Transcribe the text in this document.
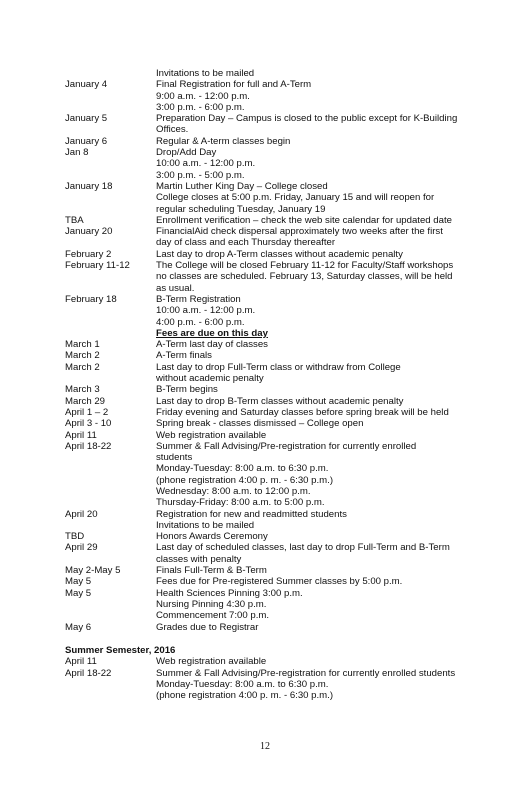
Invitations to be mailed
January 4	Final Registration for full and A-Term
9:00 a.m. - 12:00 p.m.
3:00 p.m. - 6:00 p.m.
January 5	Preparation Day – Campus is closed to the public except for K-Building
Offices.
January 6	Regular & A-term classes begin
Jan 8	Drop/Add Day
10:00 a.m. - 12:00 p.m.
3:00 p.m. - 5:00 p.m.
January 18	Martin Luther King Day – College closed
College closes at 5:00 p.m. Friday, January 15 and will reopen for
regular scheduling Tuesday, January 19
TBA	Enrollment verification – check the web site calendar for updated date
January 20	FinancialAid check dispersal approximately two weeks after the first
day of class and each Thursday thereafter
February 2	Last day to drop A-Term classes without academic penalty
February 11-12	The College will be closed February 11-12 for Faculty/Staff workshops
no classes are scheduled. February 13, Saturday classes, will be held
as usual.
February 18	B-Term Registration
10:00 a.m. - 12:00 p.m.
4:00 p.m. - 6:00 p.m.
Fees are due on this day
March 1	A-Term last day of classes
March 2	A-Term finals
March 2	Last day to drop Full-Term class or withdraw from College
without academic penalty
March 3	B-Term begins
March 29	Last day to drop B-Term classes without academic penalty
April 1 – 2	Friday evening and Saturday classes before spring break will be held
April 3 - 10	Spring break - classes dismissed – College open
April 11	Web registration available
April 18-22	Summer & Fall Advising/Pre-registration for currently enrolled
students
Monday-Tuesday: 8:00 a.m. to 6:30 p.m.
(phone registration 4:00 p. m. - 6:30 p.m.)
Wednesday: 8:00 a.m. to 12:00 p.m.
Thursday-Friday: 8:00 a.m. to 5:00 p.m.
April 20	Registration for new and readmitted students
Invitations to be mailed
TBD	Honors Awards Ceremony
April 29	Last day of scheduled classes, last day to drop Full-Term and B-Term
classes with penalty
May 2-May 5	Finals Full-Term & B-Term
May 5	Fees due for Pre-registered Summer classes by 5:00 p.m.
May 5	Health Sciences Pinning 3:00 p.m.
Nursing Pinning 4:30 p.m.
Commencement 7:00 p.m.
May 6	Grades due to Registrar
Summer Semester, 2016
April 11	Web registration available
April 18-22	Summer & Fall Advising/Pre-registration for currently enrolled students
Monday-Tuesday: 8:00 a.m. to 6:30 p.m.
(phone registration 4:00 p. m. - 6:30 p.m.)
12
